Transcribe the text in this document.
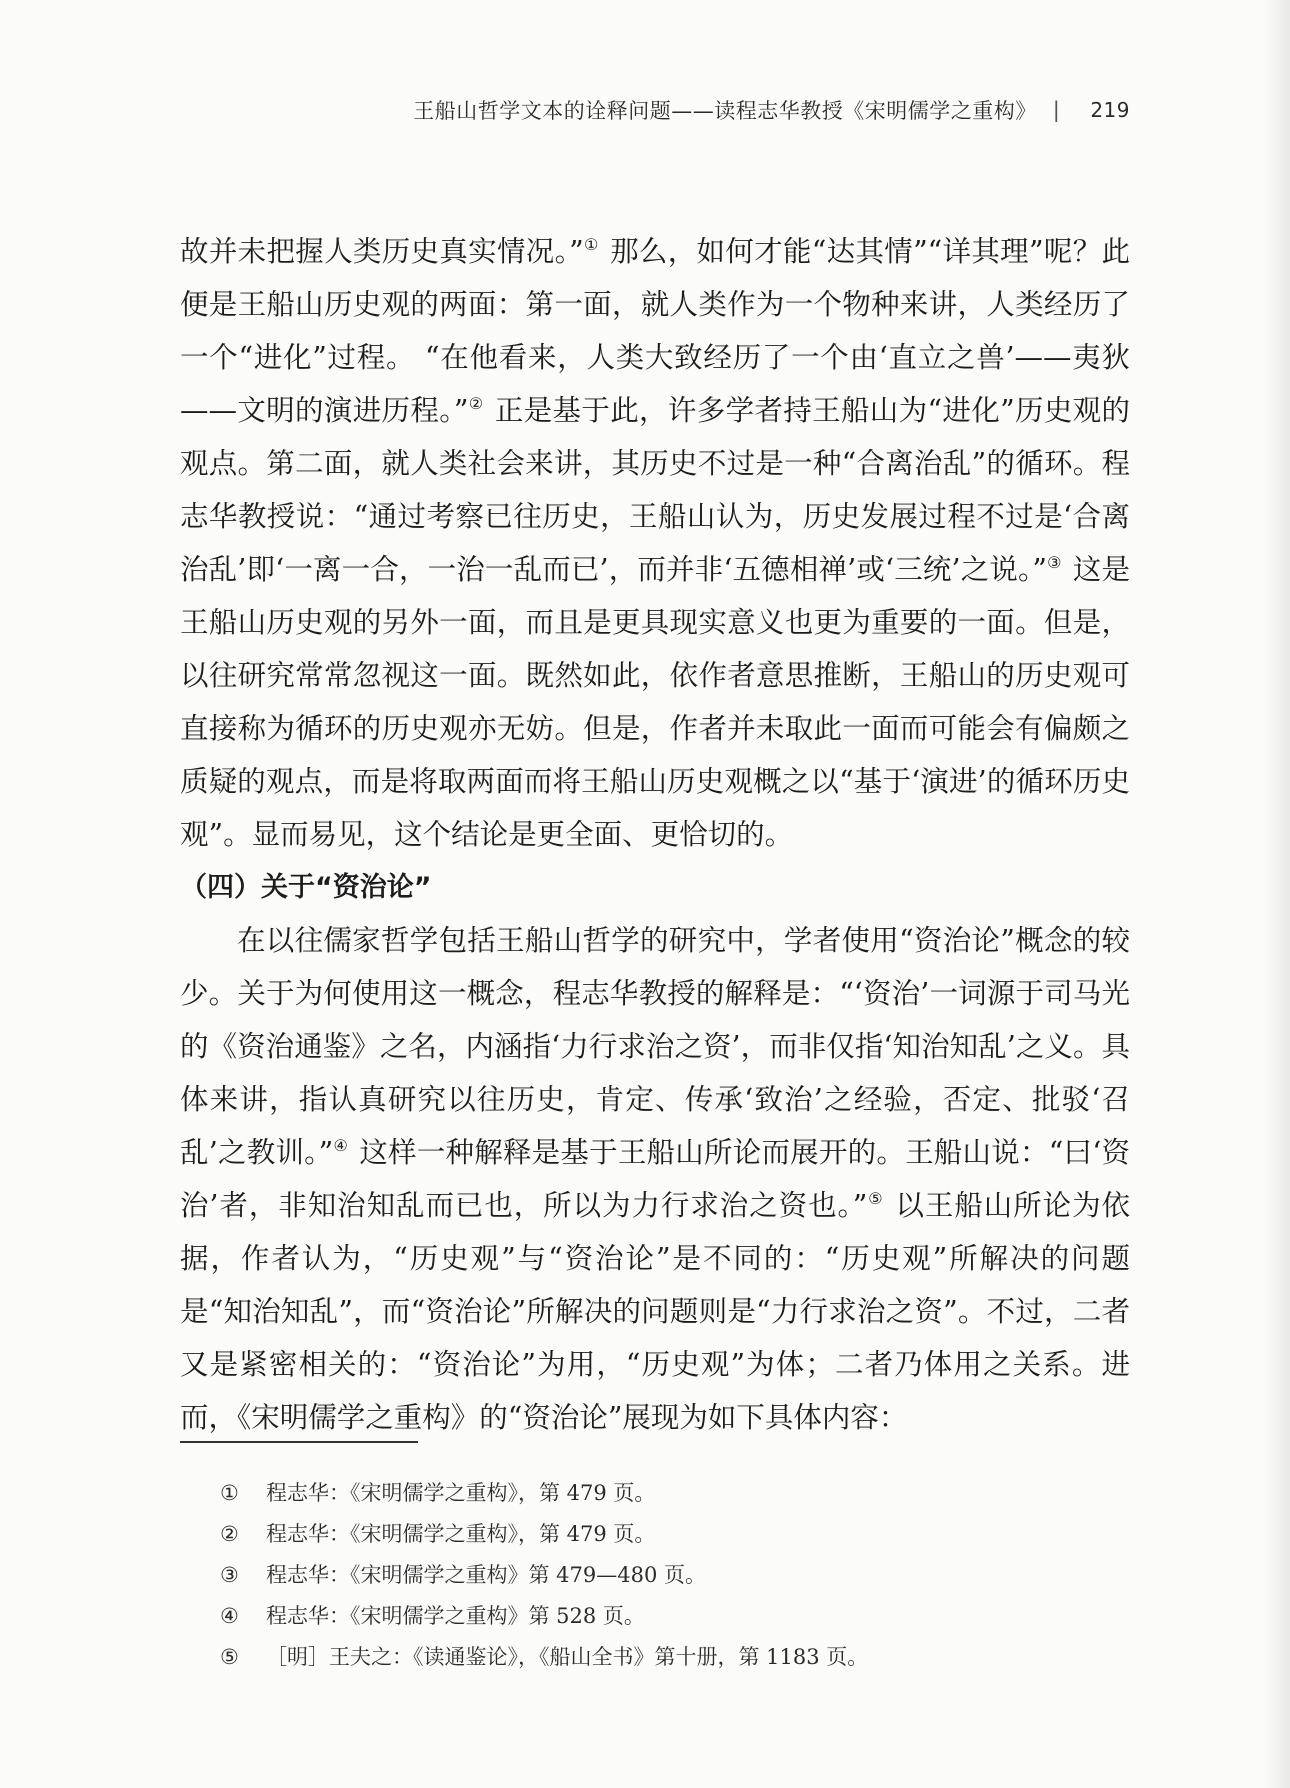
王船山哲学文本的诠释问题——读程志华教授《宋明儒学之重构》 | 219

故并未把握人类历史真实情况。”① 那么，如何才能“达其情”“详其理”呢？此便是王船山历史观的两面：第一面，就人类作为一个物种来讲，人类经历了一个“进化”过程。 “在他看来，人类大致经历了一个由‘直立之兽’——夷狄——文明的演进历程。”② 正是基于此，许多学者持王船山为“进化”历史观的观点。第二面，就人类社会来讲，其历史不过是一种“合离治乱”的循环。程志华教授说：“通过考察已往历史，王船山认为，历史发展过程不过是‘合离治乱’即‘一离一合，一治一乱而已’，而并非‘五德相禅’或‘三统’之说。”③ 这是王船山历史观的另外一面，而且是更具现实意义也更为重要的一面。但是，以往研究常常忽视这一面。既然如此，依作者意思推断，王船山的历史观可直接称为循环的历史观亦无妨。但是，作者并未取此一面而可能会有偏颇之质疑的观点，而是将取两面而将王船山历史观概之以“基于‘演进’的循环历史观”。显而易见，这个结论是更全面、更恰切的。

（四）关于“资治论”

在以往儒家哲学包括王船山哲学的研究中，学者使用“资治论”概念的较少。关于为何使用这一概念，程志华教授的解释是：“‘资治’一词源于司马光的《资治通鉴》之名，内涵指‘力行求治之资’，而非仅指‘知治知乱’之义。具体来讲，指认真研究以往历史，肯定、传承‘致治’之经验，否定、批驳‘召乱’之教训。”④ 这样一种解释是基于王船山所论而展开的。王船山说：“曰‘资治’者，非知治知乱而已也，所以为力行求治之资也。”⑤ 以王船山所论为依据，作者认为，“历史观”与“资治论”是不同的：“历史观”所解决的问题是“知治知乱”，而“资治论”所解决的问题则是“力行求治之资”。不过，二者又是紧密相关的：“资治论”为用，“历史观”为体；二者乃体用之关系。进而，《宋明儒学之重构》的“资治论”展现为如下具体内容：

①	程志华：《宋明儒学之重构》，第 479 页。
②	程志华：《宋明儒学之重构》，第 479 页。
③	程志华：《宋明儒学之重构》第 479—480 页。
④	程志华：《宋明儒学之重构》第 528 页。
⑤	［明］王夫之：《读通鉴论》，《船山全书》第十册，第 1183 页。
